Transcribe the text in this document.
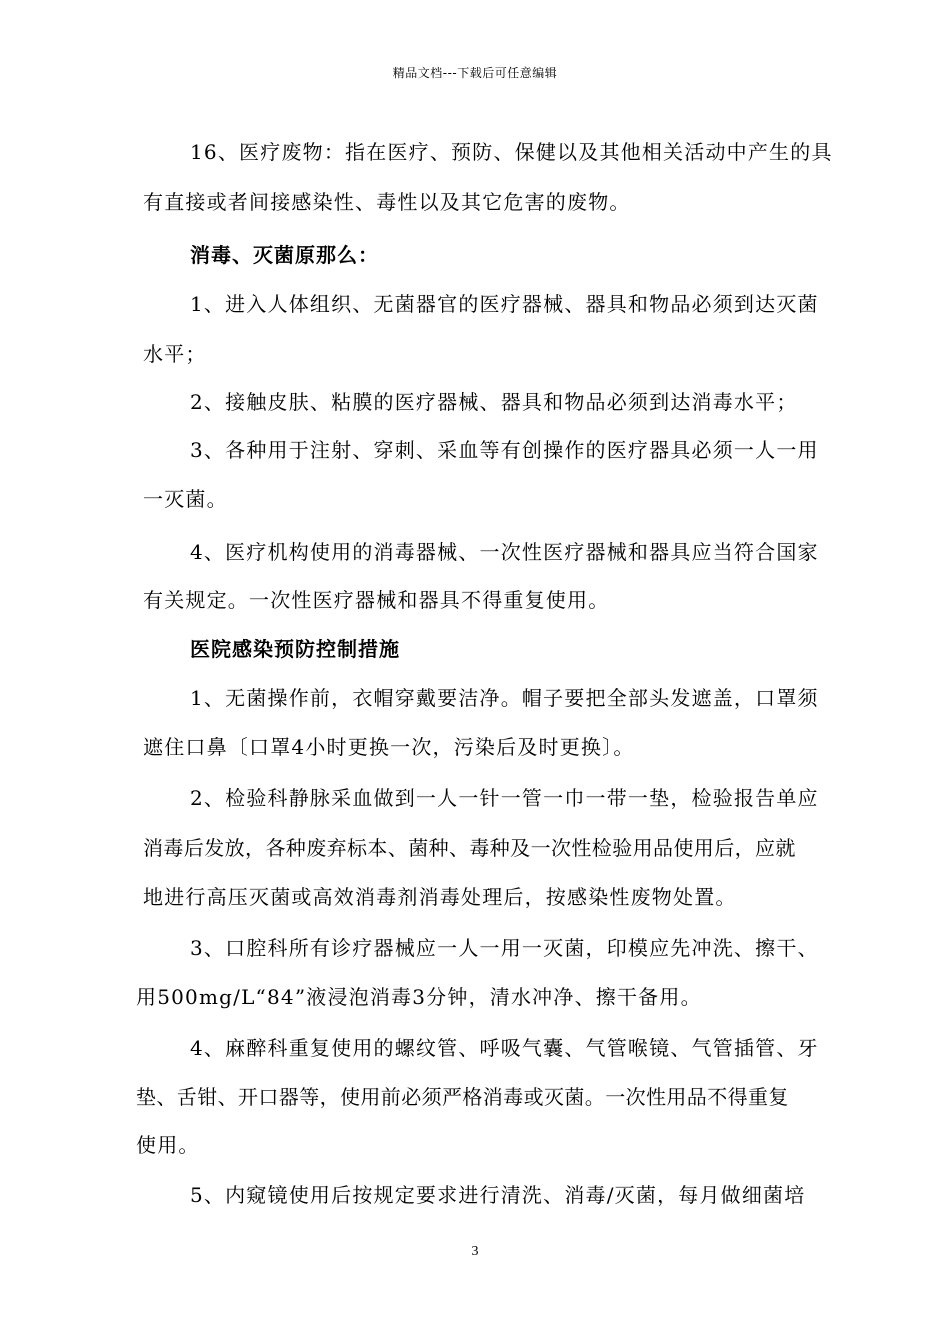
精品文档---下载后可任意编辑
16、医疗废物：指在医疗、预防、保健以及其他相关活动中产生的具
有直接或者间接感染性、毒性以及其它危害的废物。
消毒、灭菌原那么：
1、进入人体组织、无菌器官的医疗器械、器具和物品必须到达灭菌
水平；
2、接触皮肤、粘膜的医疗器械、器具和物品必须到达消毒水平；
3、各种用于注射、穿刺、采血等有创操作的医疗器具必须一人一用
一灭菌。
4、医疗机构使用的消毒器械、一次性医疗器械和器具应当符合国家
有关规定。一次性医疗器械和器具不得重复使用。
医院感染预防控制措施
1、无菌操作前，衣帽穿戴要洁净。帽子要把全部头发遮盖，口罩须
遮住口鼻〔口罩4小时更换一次，污染后及时更换〕。
2、检验科静脉采血做到一人一针一管一巾一带一垫，检验报告单应
消毒后发放，各种废弃标本、菌种、毒种及一次性检验用品使用后，应就
地进行高压灭菌或高效消毒剂消毒处理后，按感染性废物处置。
3、口腔科所有诊疗器械应一人一用一灭菌，印模应先冲洗、擦干、
用500mg/L“84”液浸泡消毒3分钟，清水冲净、擦干备用。
4、麻醉科重复使用的螺纹管、呼吸气囊、气管喉镜、气管插管、牙
垫、舌钳、开口器等，使用前必须严格消毒或灭菌。一次性用品不得重复
使用。
5、内窥镜使用后按规定要求进行清洗、消毒/灭菌，每月做细菌培
3
